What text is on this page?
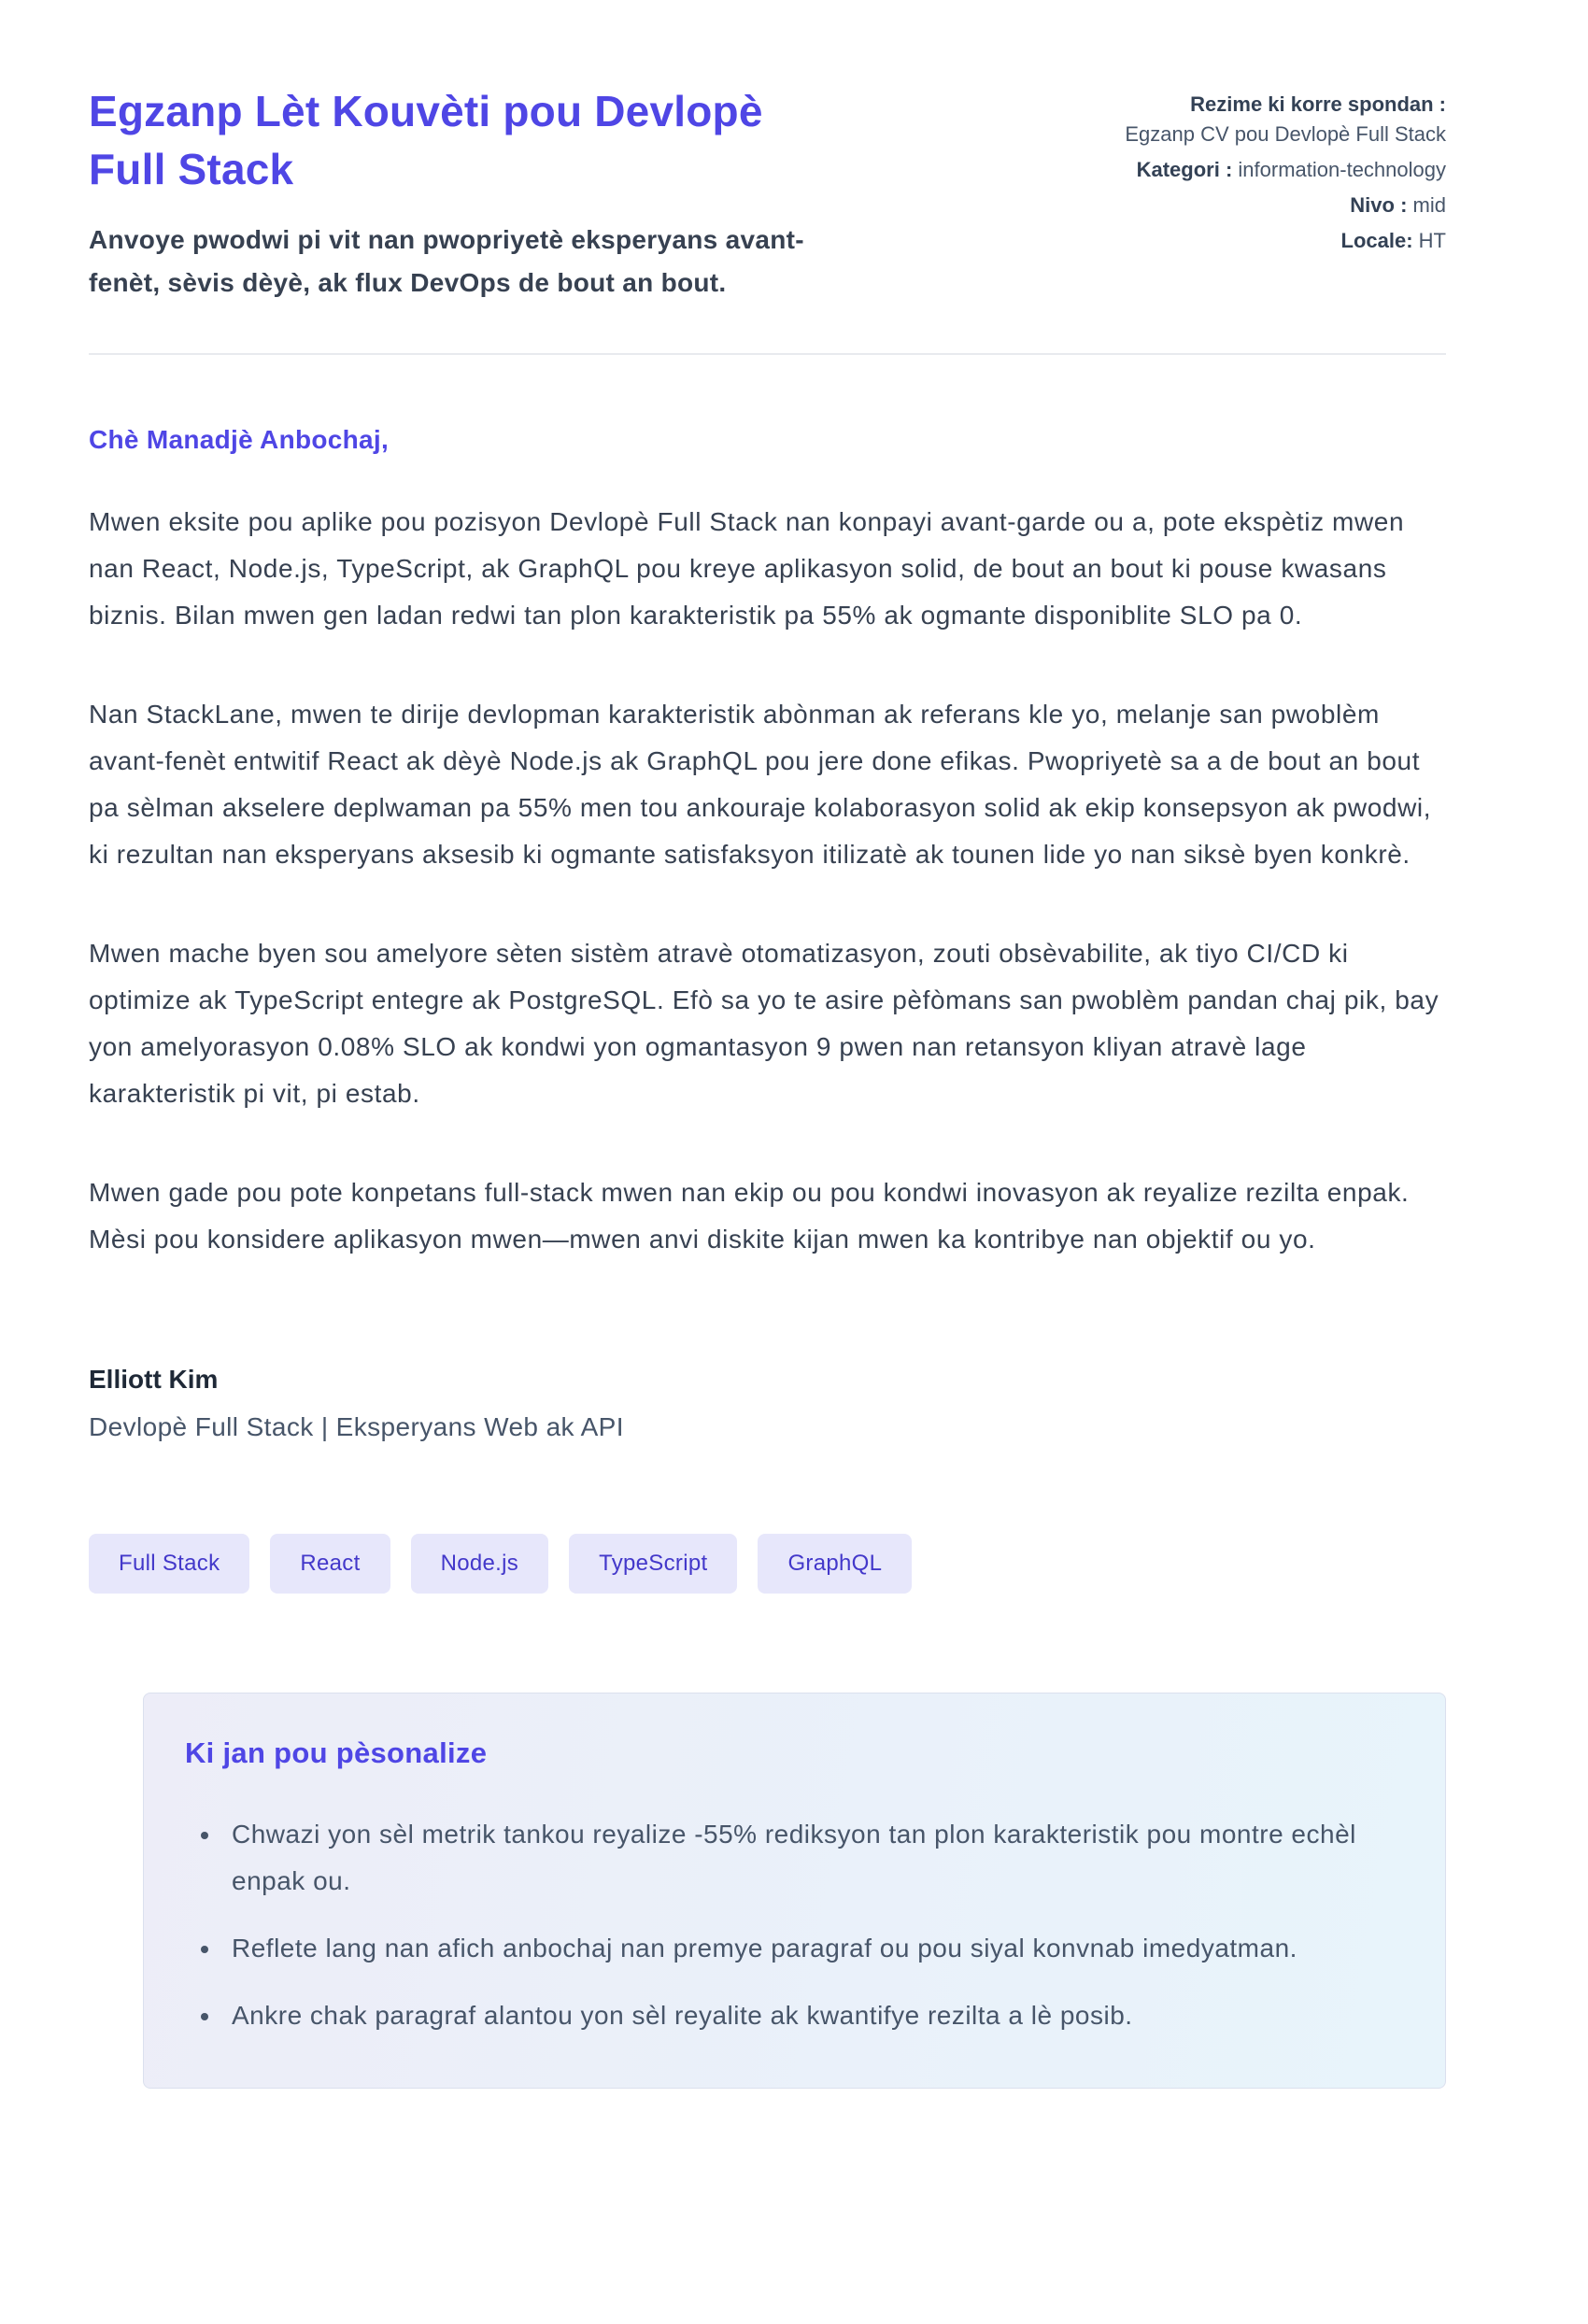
Egzanp Lèt Kouvèti pou Devlopè Full Stack
Anvoye pwodwi pi vit nan pwopriyetè eksperyans avant-fenèt, sèvis dèyè, ak flux DevOps de bout an bout.
Rezime ki korre spondan : Egzanp CV pou Devlopè Full Stack
Kategori : information-technology
Nivo : mid
Locale: HT
Chè Manadjè Anbochaj,

Mwen eksite pou aplike pou pozisyon Devlopè Full Stack nan konpayi avant-garde ou a, pote ekspètiz mwen nan React, Node.js, TypeScript, ak GraphQL pou kreye aplikasyon solid, de bout an bout ki pouse kwasans biznis. Bilan mwen gen ladan redwi tan plon karakteristik pa 55% ak ogmante disponiblite SLO pa 0.

Nan StackLane, mwen te dirije devlopman karakteristik abònman ak referans kle yo, melanje san pwoblèm avant-fenèt entwitif React ak dèyè Node.js ak GraphQL pou jere done efikas. Pwopriyetè sa a de bout an bout pa sèlman akselere deplwaman pa 55% men tou ankouraje kolaborasyon solid ak ekip konsepsyon ak pwodwi, ki rezultan nan eksperyans aksesib ki ogmante satisfaksyon itilizatè ak tounen lide yo nan siksè byen konkrè.

Mwen mache byen sou amelyore sèten sistèm atravè otomatizasyon, zouti obsèvabilite, ak tiyo CI/CD ki optimize ak TypeScript entegre ak PostgreSQL. Efò sa yo te asire pèfòmans san pwoblèm pandan chaj pik, bay yon amelyorasyon 0.08% SLO ak kondwi yon ogmantasyon 9 pwen nan retansyon kliyan atravè lage karakteristik pi vit, pi estab.

Mwen gade pou pote konpetans full-stack mwen nan ekip ou pou kondwi inovasyon ak reyalize rezilta enpak. Mèsi pou konsidere aplikasyon mwen—mwen anvi diskite kijan mwen ka kontribye nan objektif ou yo.

Elliott Kim
Devlopè Full Stack | Eksperyans Web ak API
Full Stack	React	Node.js	TypeScript	GraphQL
Ki jan pou pèsonalize
• Chwazi yon sèl metrik tankou reyalize -55% rediksyon tan plon karakteristik pou montre echèl enpak ou.
• Reflete lang nan afich anbochaj nan premye paragraf ou pou siyal konvnab imedyatman.
• Ankre chak paragraf alantou yon sèl reyalite ak kwantifye rezilta a lè posib.
